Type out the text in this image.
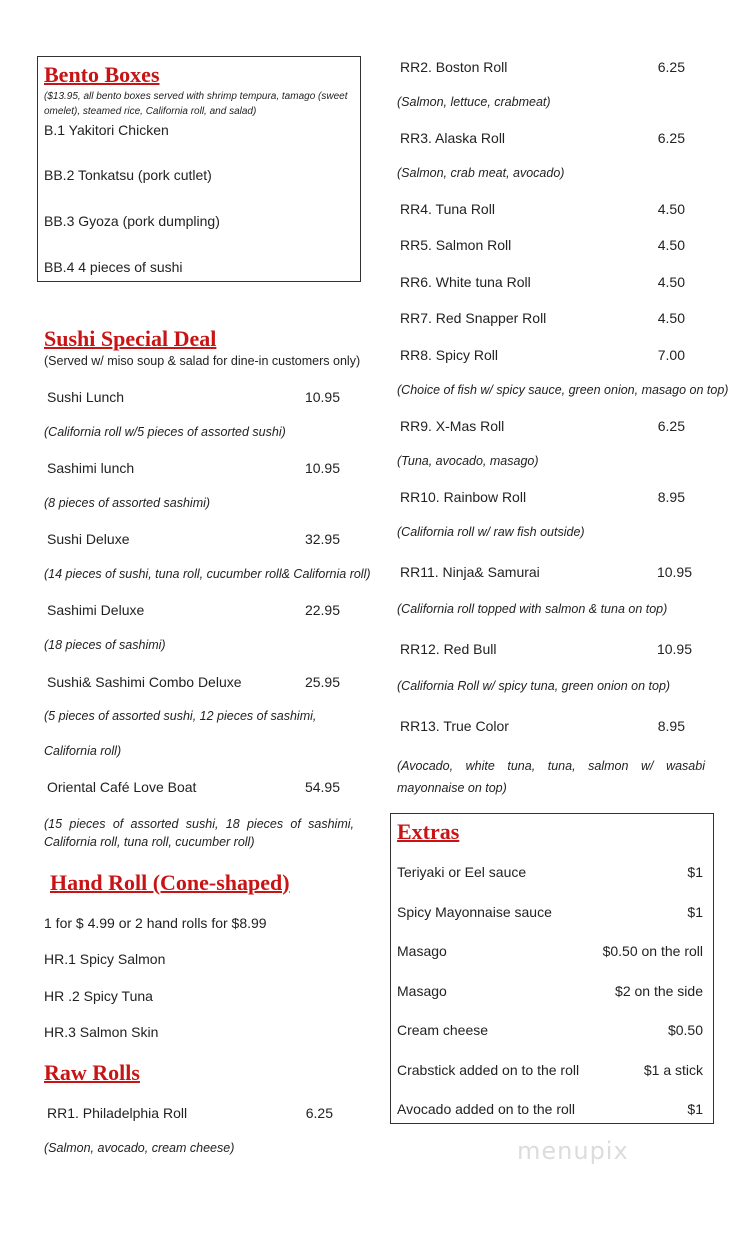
Bento Boxes
($13.95, all bento boxes served with shrimp tempura, tamago (sweet omelet), steamed rice, California roll, and salad)
B.1 Yakitori Chicken
BB.2 Tonkatsu (pork cutlet)
BB.3 Gyoza (pork dumpling)
BB.4 4 pieces of sushi
Sushi Special Deal
(Served w/ miso soup & salad for dine-in customers only)
Sushi Lunch	10.95
(California roll w/5 pieces of assorted sushi)
Sashimi lunch	10.95
(8 pieces of assorted sashimi)
Sushi Deluxe	32.95
(14 pieces of sushi, tuna roll, cucumber roll& California roll)
Sashimi Deluxe	22.95
(18 pieces of sashimi)
Sushi& Sashimi Combo Deluxe	25.95
(5 pieces of assorted sushi, 12 pieces of sashimi,
California roll)
Oriental Café Love Boat	54.95
(15 pieces of assorted sushi, 18 pieces of sashimi, California roll, tuna roll, cucumber roll)
Hand Roll (Cone-shaped)
1 for $ 4.99 or 2 hand rolls for $8.99
HR.1 Spicy Salmon
HR .2 Spicy Tuna
HR.3 Salmon Skin
Raw Rolls
RR1. Philadelphia Roll	6.25
(Salmon, avocado, cream cheese)
RR2. Boston Roll	6.25
(Salmon, lettuce, crabmeat)
RR3. Alaska Roll	6.25
(Salmon, crab meat, avocado)
RR4. Tuna Roll	4.50
RR5. Salmon Roll	4.50
RR6. White tuna Roll	4.50
RR7. Red Snapper Roll	4.50
RR8. Spicy Roll	7.00
(Choice of fish w/ spicy sauce, green onion, masago on top)
RR9. X-Mas Roll	6.25
(Tuna, avocado, masago)
RR10. Rainbow Roll	8.95
(California roll w/ raw fish outside)
RR11. Ninja& Samurai	10.95
(California roll topped with salmon & tuna on top)
RR12. Red Bull	10.95
(California Roll w/ spicy tuna, green onion on top)
RR13. True Color	8.95
(Avocado, white tuna, tuna, salmon w/ wasabi mayonnaise on top)
Extras
Teriyaki or Eel sauce	$1
Spicy Mayonnaise sauce	$1
Masago	$0.50 on the roll
Masago	$2 on the side
Cream cheese	$0.50
Crabstick added on to the roll	$1 a stick
Avocado added on to the roll	$1
menupix
